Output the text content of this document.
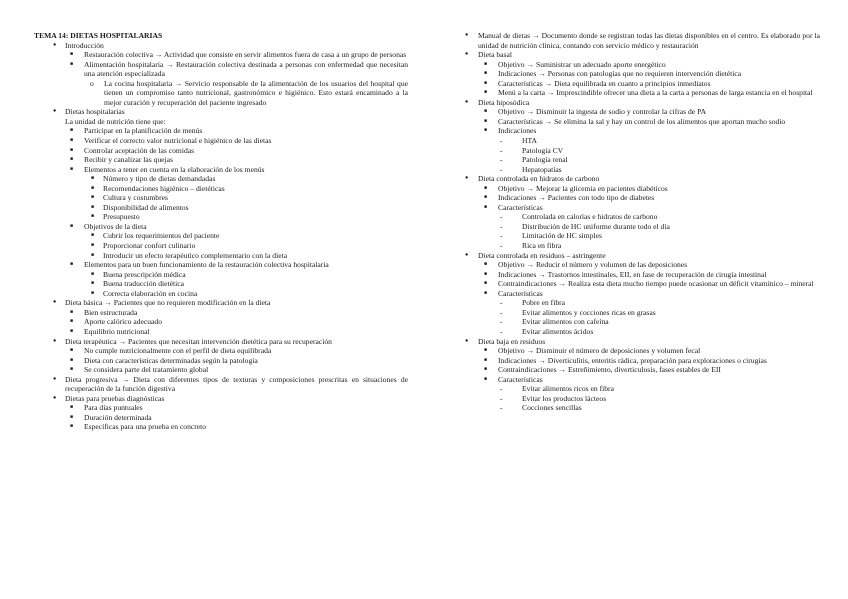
TEMA 14: DIETAS HOSPITALARIAS

● Introducción

■ Restauración colectiva → Actividad que consiste en servir alimentos fuera de casa a un grupo de personas

■ Alimentación hospitalaria → Restauración colectiva destinada a personas con enfermedad que necesitan una atención especializada

o La cocina hospitalaria → Servicio responsable de la alimentación de los usuarios del hospital que tienen un compromiso tanto nutricional, gastronómico e higiénico. Esto estará encaminado a la mejor curación y recuperación del paciente ingresado

● Dietas hospitalarias

La unidad de nutrición tiene que:

■ Participar en la planificación de menús

■ Verificar el correcto valor nutricional e higiénico de las dietas

■ Controlar aceptación de las comidas

■ Recibir y canalizar las quejas

■ Elementos a tener en cuenta en la elaboración de los menús

■ Número y tipo de dietas demandadas

■ Recomendaciones higiénico – dietéticas

■ Cultura y costumbres

■ Disponibilidad de alimentos

■ Presupuesto

■ Objetivos de la dieta

■ Cubrir los requerimientos del paciente

■ Proporcionar confort culinario

■ Introducir un efecto terapéutico complementario con la dieta

■ Elementos para un buen funcionamiento de la restauración colectiva hospitalaria

■ Buena prescripción médica

■ Buena traducción dietética

■ Correcta elaboración en cocina

● Dieta básica → Pacientes que no requieren modificación en la dieta

■ Bien estructurada

■ Aporte calórico adecuado

■ Equilibrio nutricional

● Dieta terapéutica → Pacientes que necesitan intervención dietética para su recuperación

■ No cumple nutricionalmente con el perfil de dieta equilibrada

■ Dieta con características determinadas según la patología

■ Se considera parte del tratamiento global

● Dieta progresiva → Dieta con diferentes tipos de texturas y composiciones prescritas en situaciones de recuperación de la función digestiva

● Dietas para pruebas diagnósticas

■ Para días puntuales

■ Duración determinada

■ Específicas para una prueba en concreto

● Manual de dietas → Documento donde se registran todas las dietas disponibles en el centro. Es elaborado por la unidad de nutrición clínica, contando con servicio médico y restauración

● Dieta basal

■ Objetivo → Suministrar un adecuado aporte energético

■ Indicaciones → Personas con patologías que no requieren intervención dietética

■ Características → Dieta equilibrada en cuanto a principios inmediatos

■ Menú a la carta → Imprescindible ofrecer una dieta a la carta a personas de larga estancia en el hospital

● Dieta hiposódica

■ Objetivo → Disminuir la ingesta de sodio y controlar la cifras de PA

■ Características → Se elimina la sal y hay un control de los alimentos que aportan mucho sodio

■ Indicaciones

- HTA

- Patología CV

- Patología renal

- Hepatopatías

● Dieta controlada en hidratos de carbono

■ Objetivo → Mejorar la glicemia en pacientes diabéticos

■ Indicaciones → Pacientes con todo tipo de diabetes

■ Características

- Controlada en calorías e hidratos de carbono

- Distribución de HC uniforme durante todo el día

- Limitación de HC simples

- Rica en fibra

● Dieta controlada en residuos – astringente

■ Objetivo → Reducir el número y volumen de las deposiciones

■ Indicaciones → Trastornos intestinales, EII, en fase de recuperación de cirugía intestinal

■ Contraindicaciones → Realiza esta dieta mucho tiempo puede ocasionar un déficit vitamínico – mineral

■ Características

- Pobre en fibra

- Evitar alimentos y cocciones ricas en grasas

- Evitar alimentos con cafeína

- Evitar alimentos ácidos

● Dieta baja en residuos

■ Objetivo → Disminuir el número de deposiciones y volumen fecal

■ Indicaciones → Diverticulitis, enteritis rádica, preparación para exploraciones o cirugías

■ Contraindicaciones → Estreñimiento, diverticulosis, fases estables de EII

■ Características

- Evitar alimentos ricos en fibra

- Evitar los productos lácteos

- Cocciones sencillas
